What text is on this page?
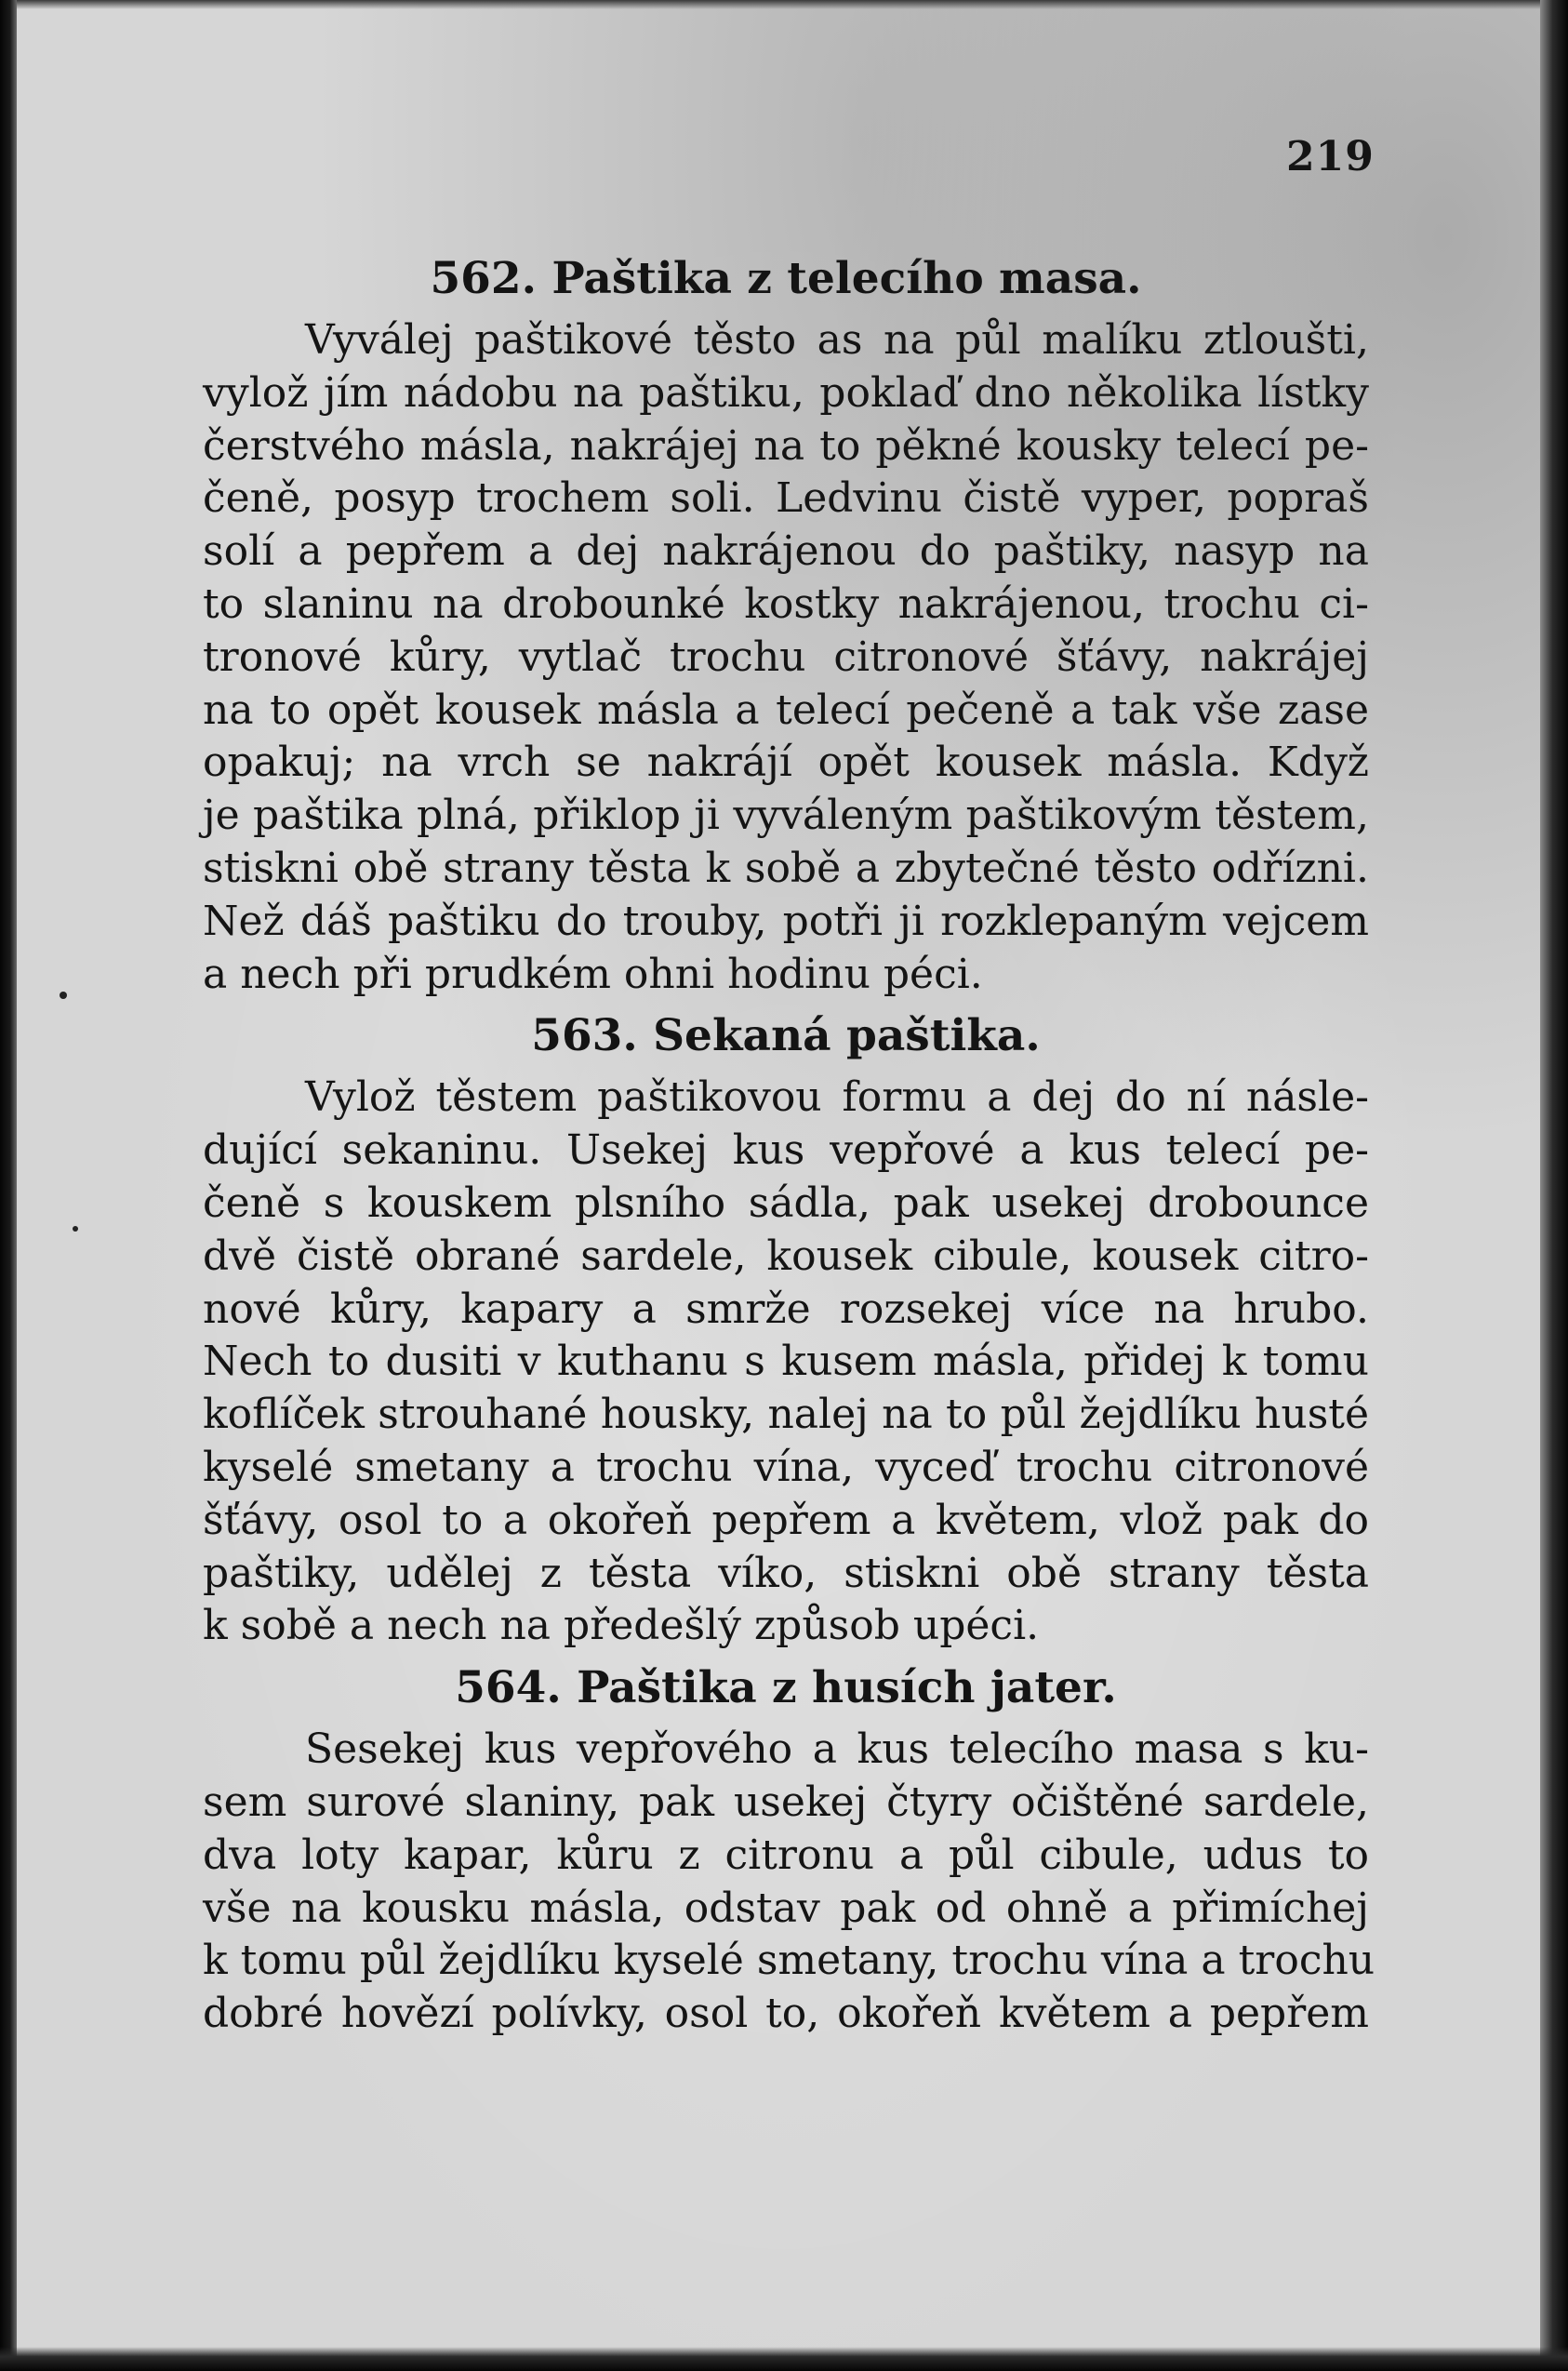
219
562. Paštika z telecího masa.
Vyválej paštikové těsto as na půl malíku ztloušti,
vylož jím nádobu na paštiku, poklaď dno několika lístky
čerstvého másla, nakrájej na to pěkné kousky telecí pe-
čeně, posyp trochem soli. Ledvinu čistě vyper, popraš
solí a pepřem a dej nakrájenou do paštiky, nasyp na
to slaninu na drobounké kostky nakrájenou, trochu ci-
tronové kůry, vytlač trochu citronové šťávy, nakrájej
na to opět kousek másla a telecí pečeně a tak vše zase
opakuj; na vrch se nakrájí opět kousek másla. Když
je paštika plná, přiklop ji vyváleným paštikovým těstem,
stiskni obě strany těsta k sobě a zbytečné těsto odřízni.
Než dáš paštiku do trouby, potři ji rozklepaným vejcem
a nech při prudkém ohni hodinu péci.
563. Sekaná paštika.
Vylož těstem paštikovou formu a dej do ní násle-
dující sekaninu. Usekej kus vepřové a kus telecí pe-
čeně s kouskem plsního sádla, pak usekej drobounce
dvě čistě obrané sardele, kousek cibule, kousek citro-
nové kůry, kapary a smrže rozsekej více na hrubo.
Nech to dusiti v kuthanu s kusem másla, přidej k tomu
koflíček strouhané housky, nalej na to půl žejdlíku husté
kyselé smetany a trochu vína, vyceď trochu citronové
šťávy, osol to a okořeň pepřem a květem, vlož pak do
paštiky, udělej z těsta víko, stiskni obě strany těsta
k sobě a nech na předešlý způsob upéci.
564. Paštika z husích jater.
Sesekej kus vepřového a kus telecího masa s ku-
sem surové slaniny, pak usekej čtyry očištěné sardele,
dva loty kapar, kůru z citronu a půl cibule, udus to
vše na kousku másla, odstav pak od ohně a přimíchej
k tomu půl žejdlíku kyselé smetany, trochu vína a trochu
dobré hovězí polívky, osol to, okořeň květem a pepřem
